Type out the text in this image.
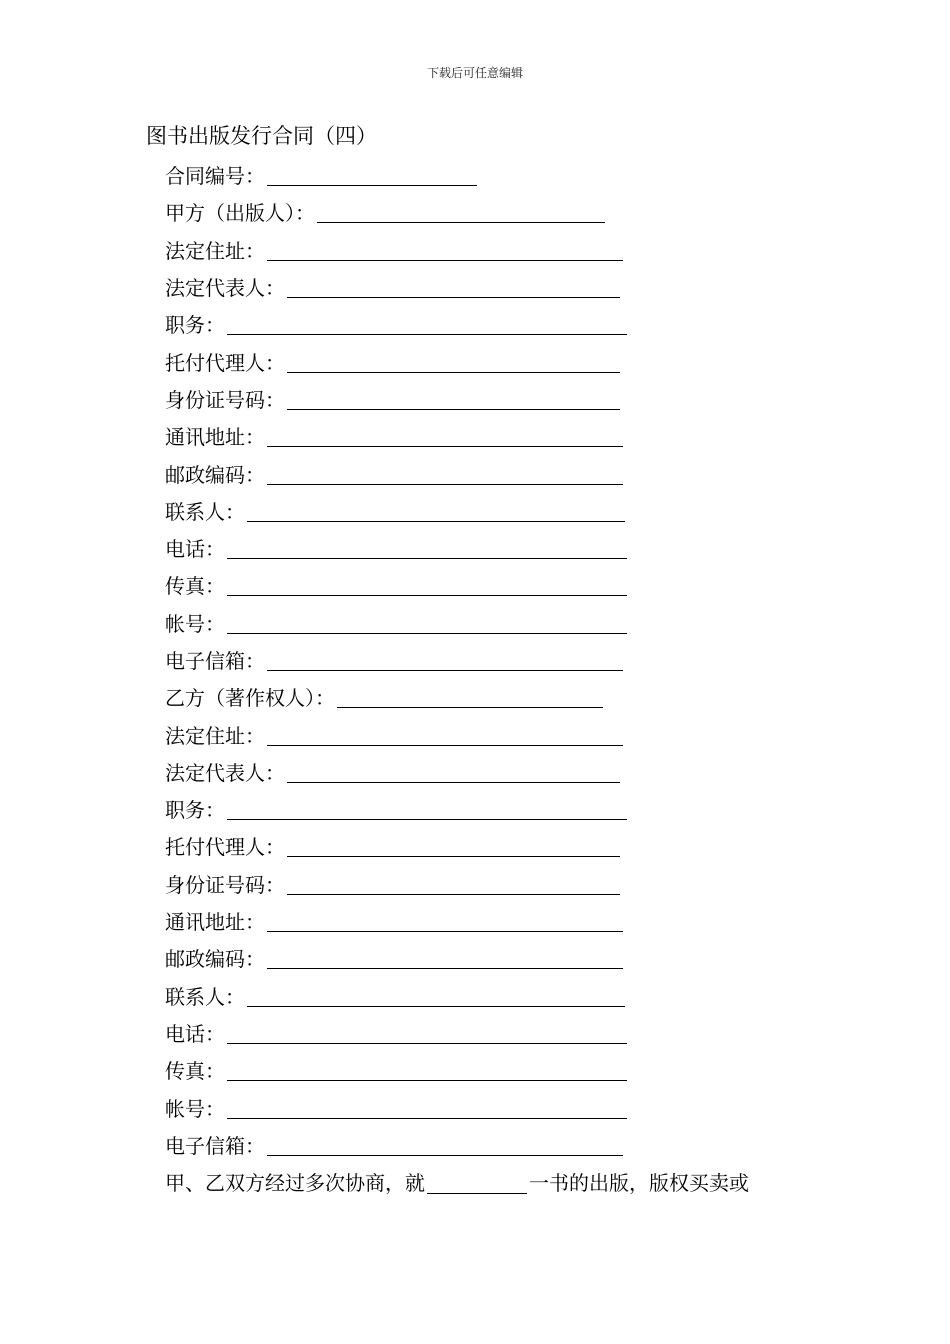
下载后可任意编辑
图书出版发行合同（四）
合同编号：
甲方（出版人）：
法定住址：
法定代表人：
职务：
托付代理人：
身份证号码：
通讯地址：
邮政编码：
联系人：
电话：
传真：
帐号：
电子信箱：
乙方（著作权人）：
法定住址：
法定代表人：
职务：
托付代理人：
身份证号码：
通讯地址：
邮政编码：
联系人：
电话：
传真：
帐号：
电子信箱：
甲、乙双方经过多次协商，就	一书的出版，版权买卖或
